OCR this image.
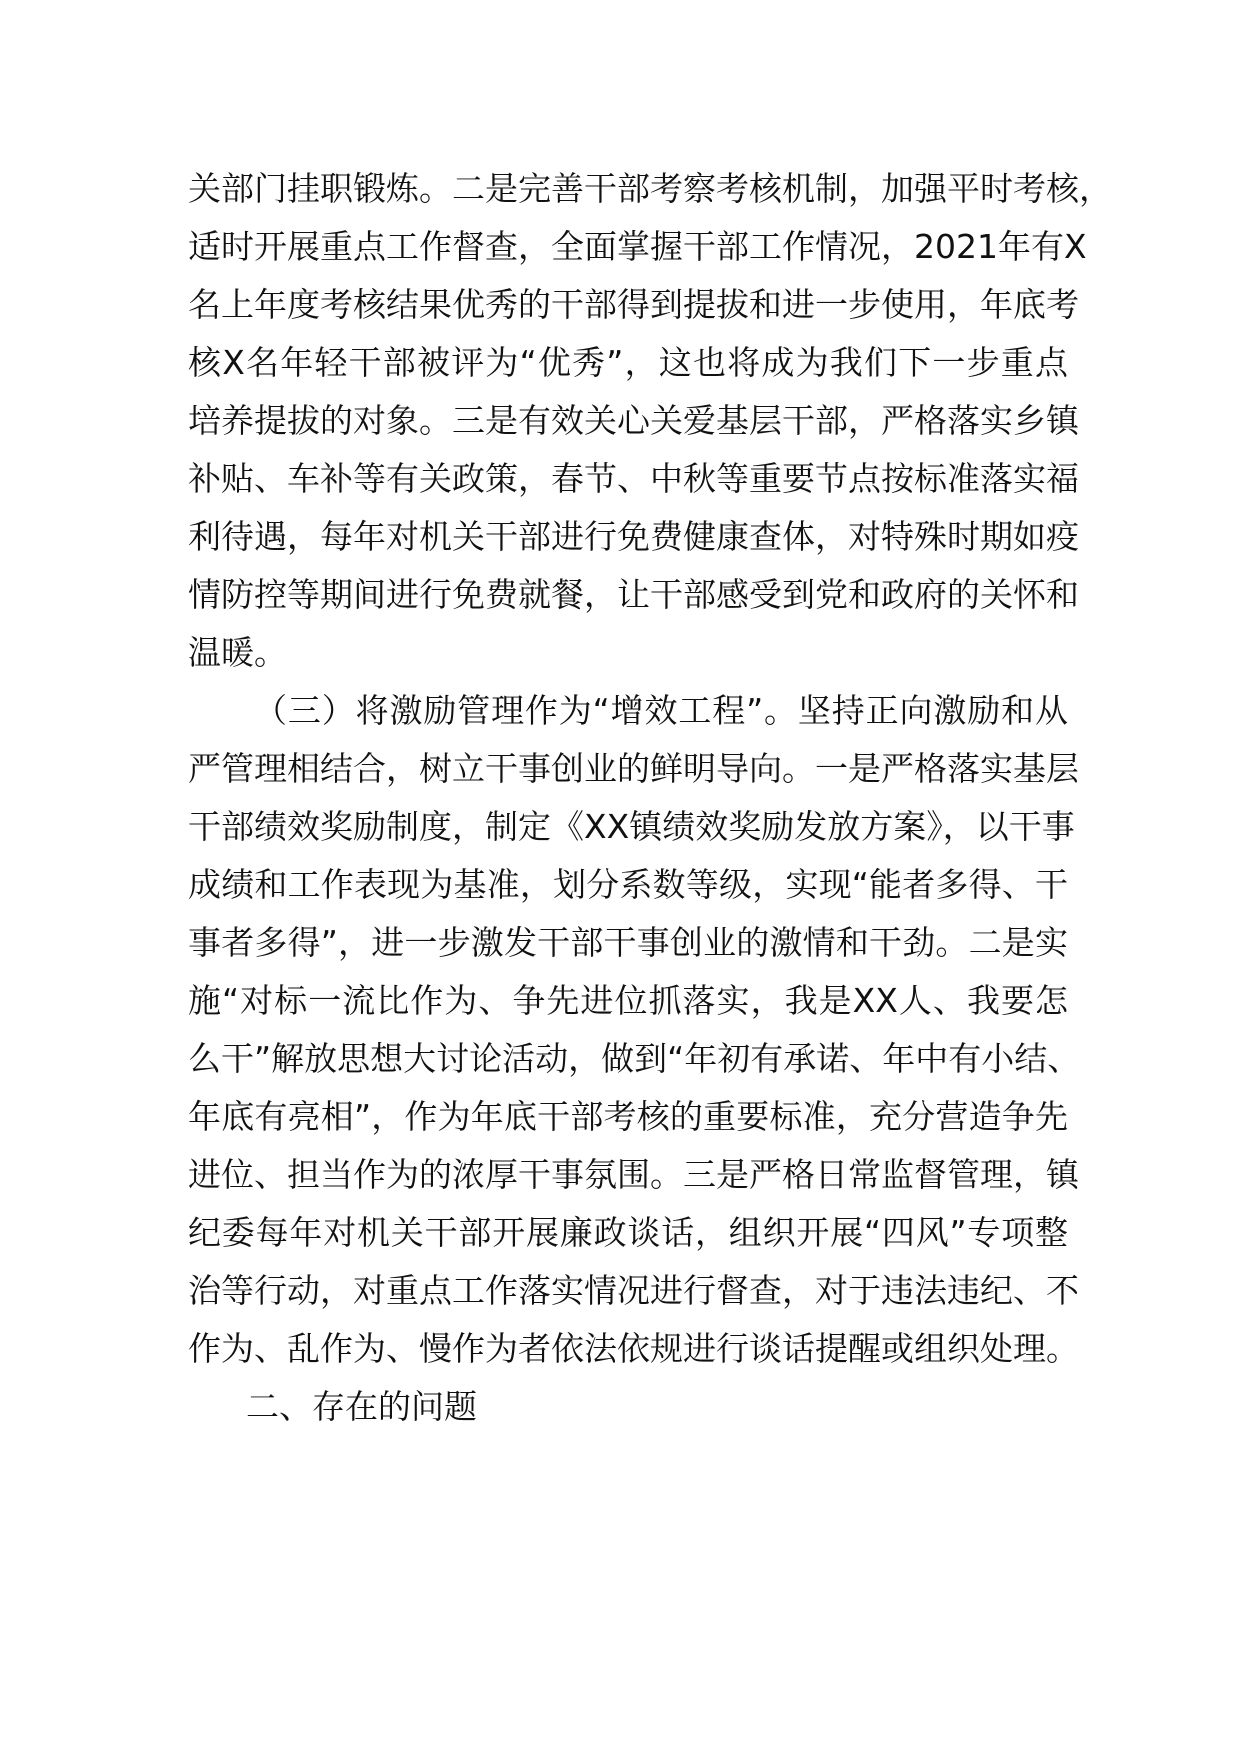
关部门挂职锻炼。二是完善干部考察考核机制，加强平时考核，
适时开展重点工作督查，全面掌握干部工作情况，2021年有X
名上年度考核结果优秀的干部得到提拔和进一步使用，年底考
核X名年轻干部被评为“优秀”，这也将成为我们下一步重点
培养提拔的对象。三是有效关心关爱基层干部，严格落实乡镇
补贴、车补等有关政策，春节、中秋等重要节点按标准落实福
利待遇，每年对机关干部进行免费健康查体，对特殊时期如疫
情防控等期间进行免费就餐，让干部感受到党和政府的关怀和
温暖。
（三）将激励管理作为“增效工程”。坚持正向激励和从
严管理相结合，树立干事创业的鲜明导向。一是严格落实基层
干部绩效奖励制度，制定《XX镇绩效奖励发放方案》，以干事
成绩和工作表现为基准，划分系数等级，实现“能者多得、干
事者多得”，进一步激发干部干事创业的激情和干劲。二是实
施“对标一流比作为、争先进位抓落实，我是XX人、我要怎
么干”解放思想大讨论活动，做到“年初有承诺、年中有小结、
年底有亮相”，作为年底干部考核的重要标准，充分营造争先
进位、担当作为的浓厚干事氛围。三是严格日常监督管理，镇
纪委每年对机关干部开展廉政谈话，组织开展“四风”专项整
治等行动，对重点工作落实情况进行督查，对于违法违纪、不
作为、乱作为、慢作为者依法依规进行谈话提醒或组织处理。
二、存在的问题
